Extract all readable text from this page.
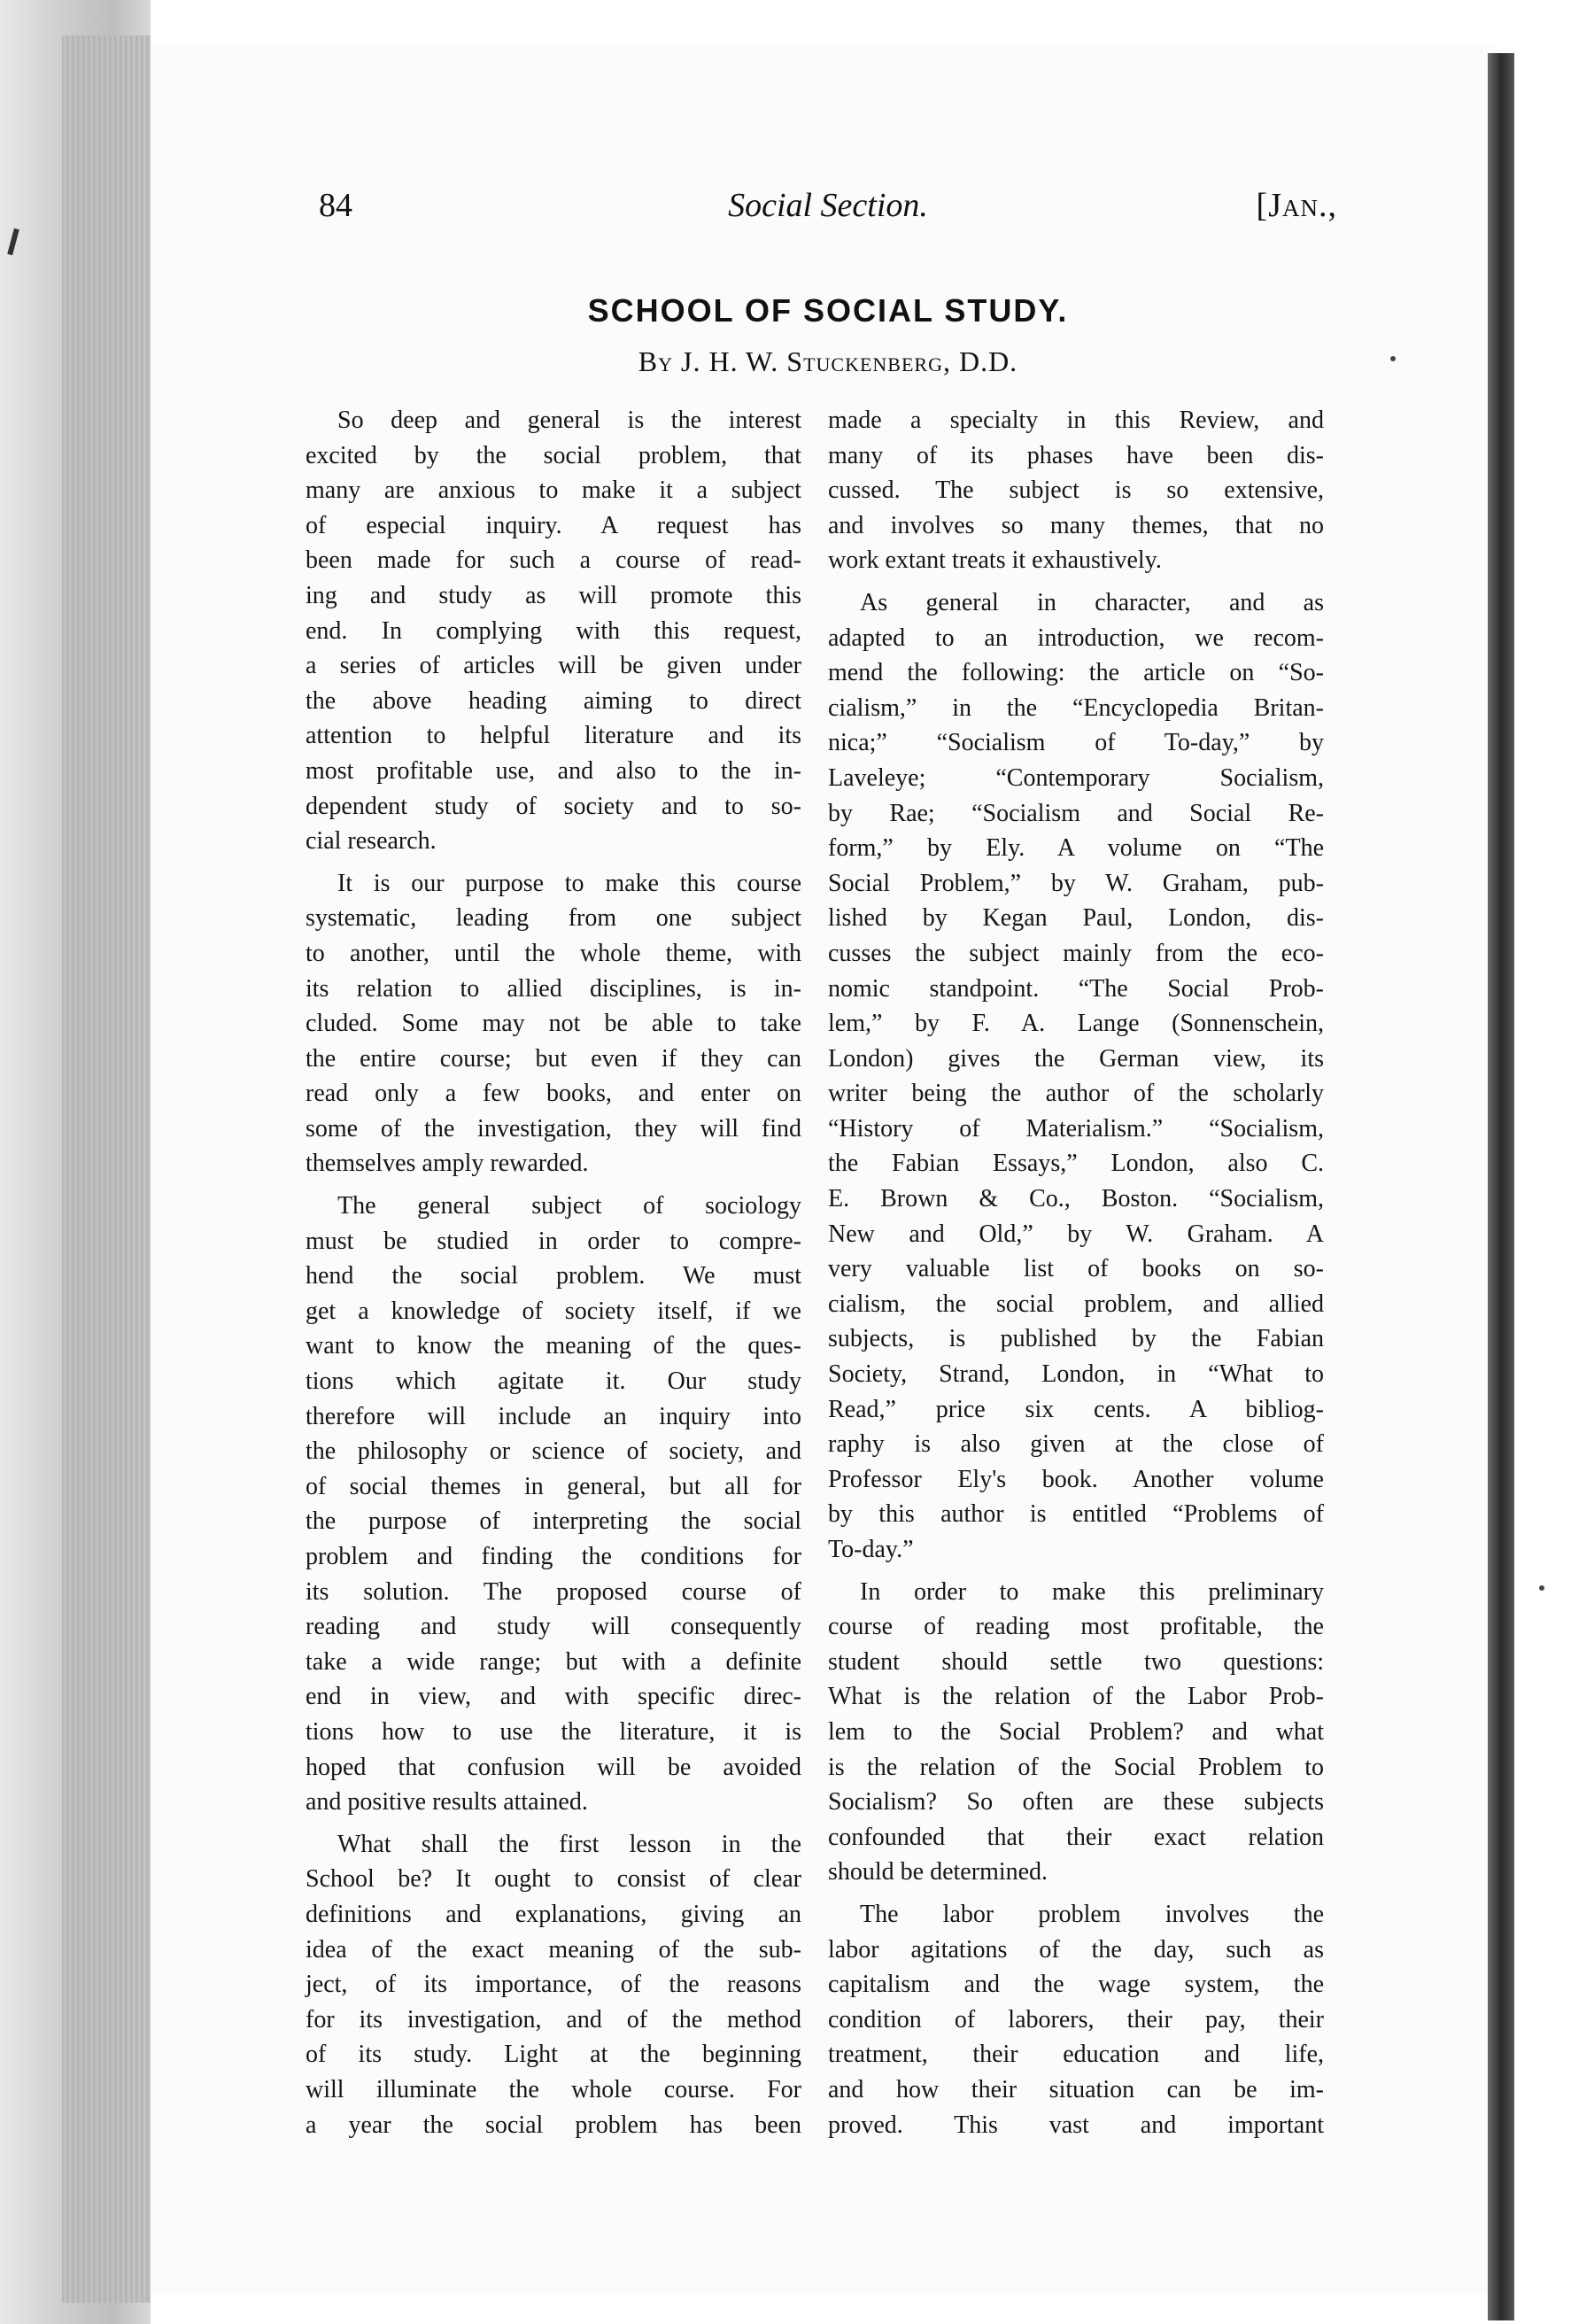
84	Social Section.	[Jan.,
SCHOOL OF SOCIAL STUDY.
By J. H. W. Stuckenberg, D.D.

So deep and general is the interest
excited by the social problem, that
many are anxious to make it a subject
of especial inquiry. A request has
been made for such a course of read-
ing and study as will promote this
end. In complying with this request,
a series of articles will be given under
the above heading aiming to direct
attention to helpful literature and its
most profitable use, and also to the in-
dependent study of society and to so-
cial research.

It is our purpose to make this course
systematic, leading from one subject
to another, until the whole theme, with
its relation to allied disciplines, is in-
cluded. Some may not be able to take
the entire course; but even if they can
read only a few books, and enter on
some of the investigation, they will find
themselves amply rewarded.

The general subject of sociology
must be studied in order to compre-
hend the social problem. We must
get a knowledge of society itself, if we
want to know the meaning of the ques-
tions which agitate it. Our study
therefore will include an inquiry into
the philosophy or science of society, and
of social themes in general, but all for
the purpose of interpreting the social
problem and finding the conditions for
its solution. The proposed course of
reading and study will consequently
take a wide range; but with a definite
end in view, and with specific direc-
tions how to use the literature, it is
hoped that confusion will be avoided
and positive results attained.

What shall the first lesson in the
School be? It ought to consist of clear
definitions and explanations, giving an
idea of the exact meaning of the sub-
ject, of its importance, of the reasons
for its investigation, and of the method
of its study. Light at the beginning
will illuminate the whole course. For
a year the social problem has been

made a specialty in this Review, and
many of its phases have been dis-
cussed. The subject is so extensive,
and involves so many themes, that no
work extant treats it exhaustively.

As general in character, and as
adapted to an introduction, we recom-
mend the following: the article on “So-
cialism,” in the “Encyclopedia Britan-
nica;” “Socialism of To-day,” by
Laveleye; “Contemporary Socialism,
by Rae; “Socialism and Social Re-
form,” by Ely. A volume on “The
Social Problem,” by W. Graham, pub-
lished by Kegan Paul, London, dis-
cusses the subject mainly from the eco-
nomic standpoint. “The Social Prob-
lem,” by F. A. Lange (Sonnenschein,
London) gives the German view, its
writer being the author of the scholarly
“History of Materialism.” “Socialism,
the Fabian Essays,” London, also C.
E. Brown & Co., Boston. “Socialism,
New and Old,” by W. Graham. A
very valuable list of books on so-
cialism, the social problem, and allied
subjects, is published by the Fabian
Society, Strand, London, in “What to
Read,” price six cents. A bibliog-
raphy is also given at the close of
Professor Ely's book. Another volume
by this author is entitled “Problems of
To-day.”

In order to make this preliminary
course of reading most profitable, the
student should settle two questions:
What is the relation of the Labor Prob-
lem to the Social Problem? and what
is the relation of the Social Problem to
Socialism? So often are these subjects
confounded that their exact relation
should be determined.

The labor problem involves the
labor agitations of the day, such as
capitalism and the wage system, the
condition of laborers, their pay, their
treatment, their education and life,
and how their situation can be im-
proved. This vast and important
